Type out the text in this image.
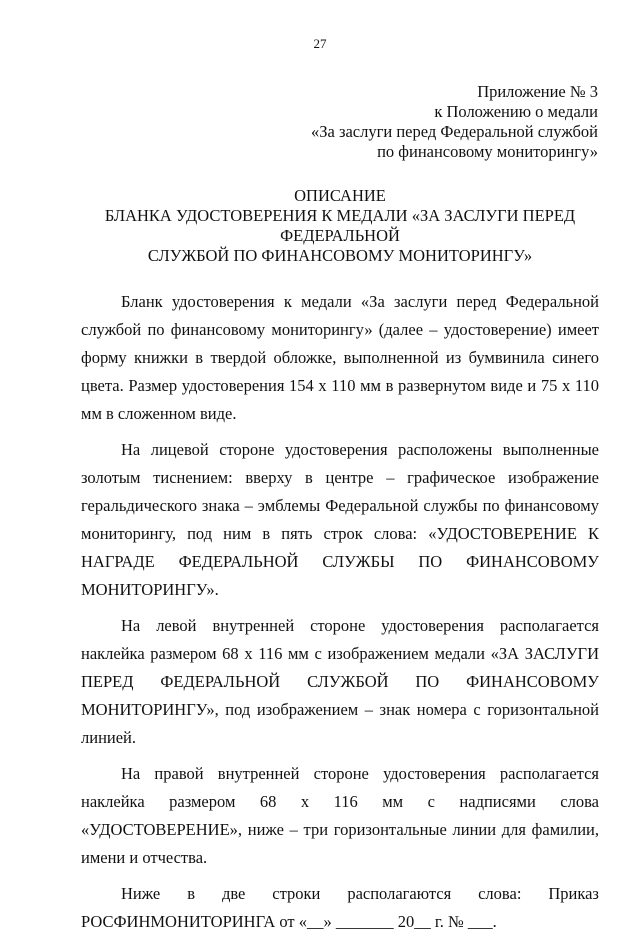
27
Приложение № 3
к Положению о медали
«За заслуги перед Федеральной службой
по финансовому мониторингу»
ОПИСАНИЕ
БЛАНКА УДОСТОВЕРЕНИЯ К МЕДАЛИ «ЗА ЗАСЛУГИ ПЕРЕД
ФЕДЕРАЛЬНОЙ
СЛУЖБОЙ ПО ФИНАНСОВОМУ МОНИТОРИНГУ»

Бланк удостоверения к медали «За заслуги перед Федеральной службой по финансовому мониторингу» (далее – удостоверение) имеет форму книжки в твердой обложке, выполненной из бумвинила синего цвета. Размер удостоверения 154 х 110 мм в развернутом виде и 75 х 110 мм в сложенном виде.

На лицевой стороне удостоверения расположены выполненные золотым тиснением: вверху в центре – графическое изображение геральдического знака – эмблемы Федеральной службы по финансовому мониторингу, под ним в пять строк слова: «УДОСТОВЕРЕНИЕ К НАГРАДЕ ФЕДЕРАЛЬНОЙ СЛУЖБЫ ПО ФИНАНСОВОМУ МОНИТОРИНГУ».

На левой внутренней стороне удостоверения располагается наклейка размером 68 х 116 мм с изображением медали «ЗА ЗАСЛУГИ ПЕРЕД ФЕДЕРАЛЬНОЙ СЛУЖБОЙ ПО ФИНАНСОВОМУ МОНИТОРИНГУ», под изображением – знак номера с горизонтальной линией.

На правой внутренней стороне удостоверения располагается наклейка размером 68 х 116 мм с надписями слова «УДОСТОВЕРЕНИЕ», ниже – три горизонтальные линии для фамилии, имени и отчества.

Ниже в две строки располагаются слова: Приказ
РОСФИНМОНИТОРИНГА от «__» _______ 20__ г. № ___.
